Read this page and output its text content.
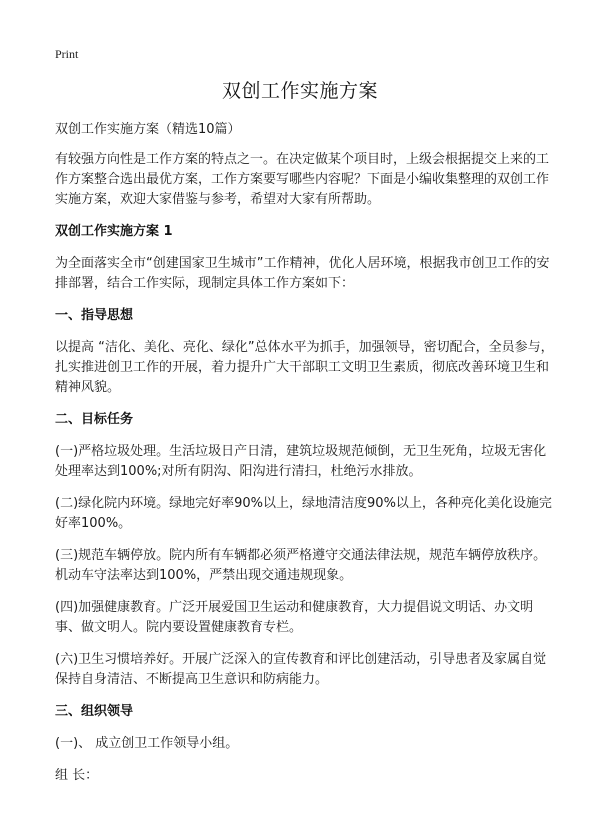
Print
双创工作实施方案

双创工作实施方案（精选10篇）

有较强方向性是工作方案的特点之一。在决定做某个项目时，上级会根据提交上来的工作方案整合选出最优方案，工作方案要写哪些内容呢？下面是小编收集整理的双创工作实施方案，欢迎大家借鉴与参考，希望对大家有所帮助。

双创工作实施方案 1

为全面落实全市“创建国家卫生城市”工作精神，优化人居环境，根据我市创卫工作的安排部署，结合工作实际，现制定具体工作方案如下：

一、指导思想

以提高 “洁化、美化、亮化、绿化”总体水平为抓手，加强领导，密切配合，全员参与，扎实推进创卫工作的开展，着力提升广大干部职工文明卫生素质，彻底改善环境卫生和精神风貌。

二、目标任务

(一)严格垃圾处理。生活垃圾日产日清，建筑垃圾规范倾倒，无卫生死角，垃圾无害化处理率达到100%;对所有阴沟、阳沟进行清扫，杜绝污水排放。

(二)绿化院内环境。绿地完好率90%以上，绿地清洁度90%以上，各种亮化美化设施完好率100%。

(三)规范车辆停放。院内所有车辆都必须严格遵守交通法律法规，规范车辆停放秩序。机动车守法率达到100%，严禁出现交通违规现象。

(四)加强健康教育。广泛开展爱国卫生运动和健康教育，大力提倡说文明话、办文明事、做文明人。院内要设置健康教育专栏。

(六)卫生习惯培养好。开展广泛深入的宣传教育和评比创建活动，引导患者及家属自觉保持自身清洁、不断提高卫生意识和防病能力。

三、组织领导

(一)、 成立创卫工作领导小组。

组 长：
